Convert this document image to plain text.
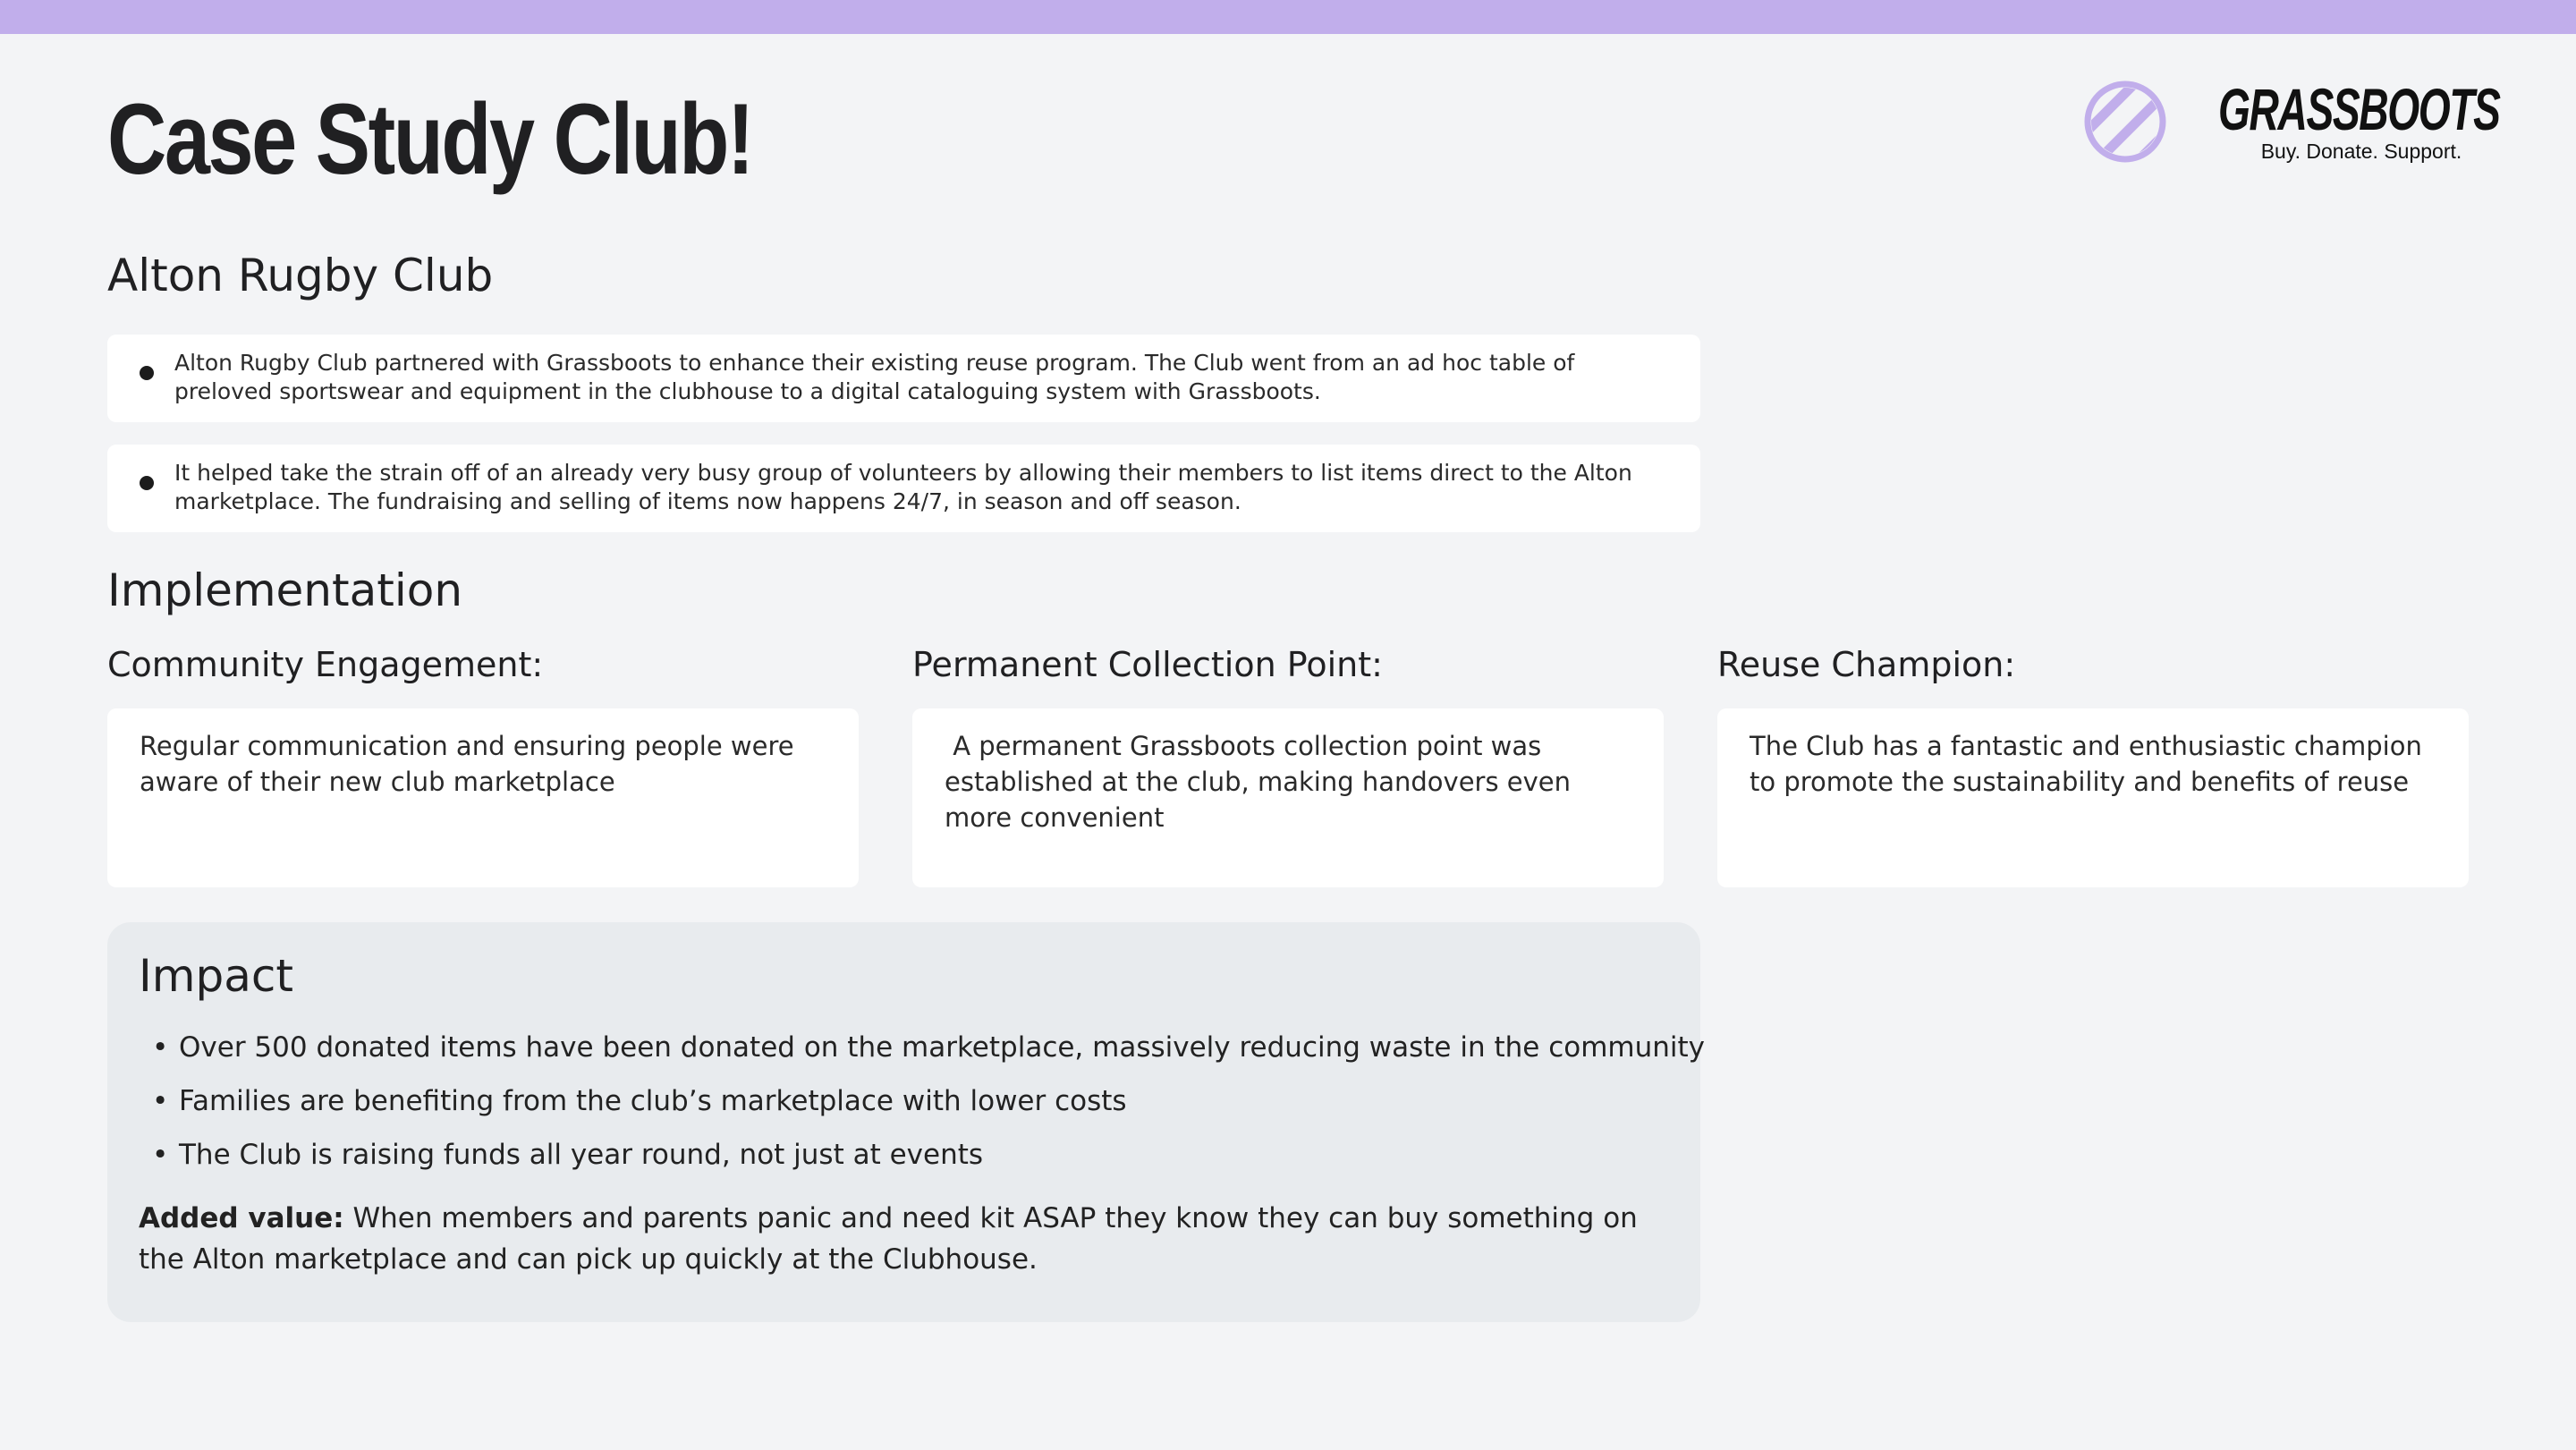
Case Study Club!	GRASSBOOTS
Buy. Donate. Support.
Alton Rugby Club
Alton Rugby Club partnered with Grassboots to enhance their existing reuse program. The Club went from an ad hoc table of preloved sportswear and equipment in the clubhouse to a digital cataloguing system with Grassboots.
It helped take the strain off of an already very busy group of volunteers by allowing their members to list items direct to the Alton marketplace. The fundraising and selling of items now happens 24/7, in season and off season.
Implementation
Community Engagement:
Regular communication and ensuring people were aware of their new club marketplace
Permanent Collection Point:
A permanent Grassboots collection point was established at the club, making handovers even more convenient
Reuse Champion:
The Club has a fantastic and enthusiastic champion to promote the sustainability and benefits of reuse
Impact
• Over 500 donated items have been donated on the marketplace, massively reducing waste in the community
• Families are benefiting from the club’s marketplace with lower costs
• The Club is raising funds all year round, not just at events

Added value: When members and parents panic and need kit ASAP they know they can buy something on the Alton marketplace and can pick up quickly at the Clubhouse.
